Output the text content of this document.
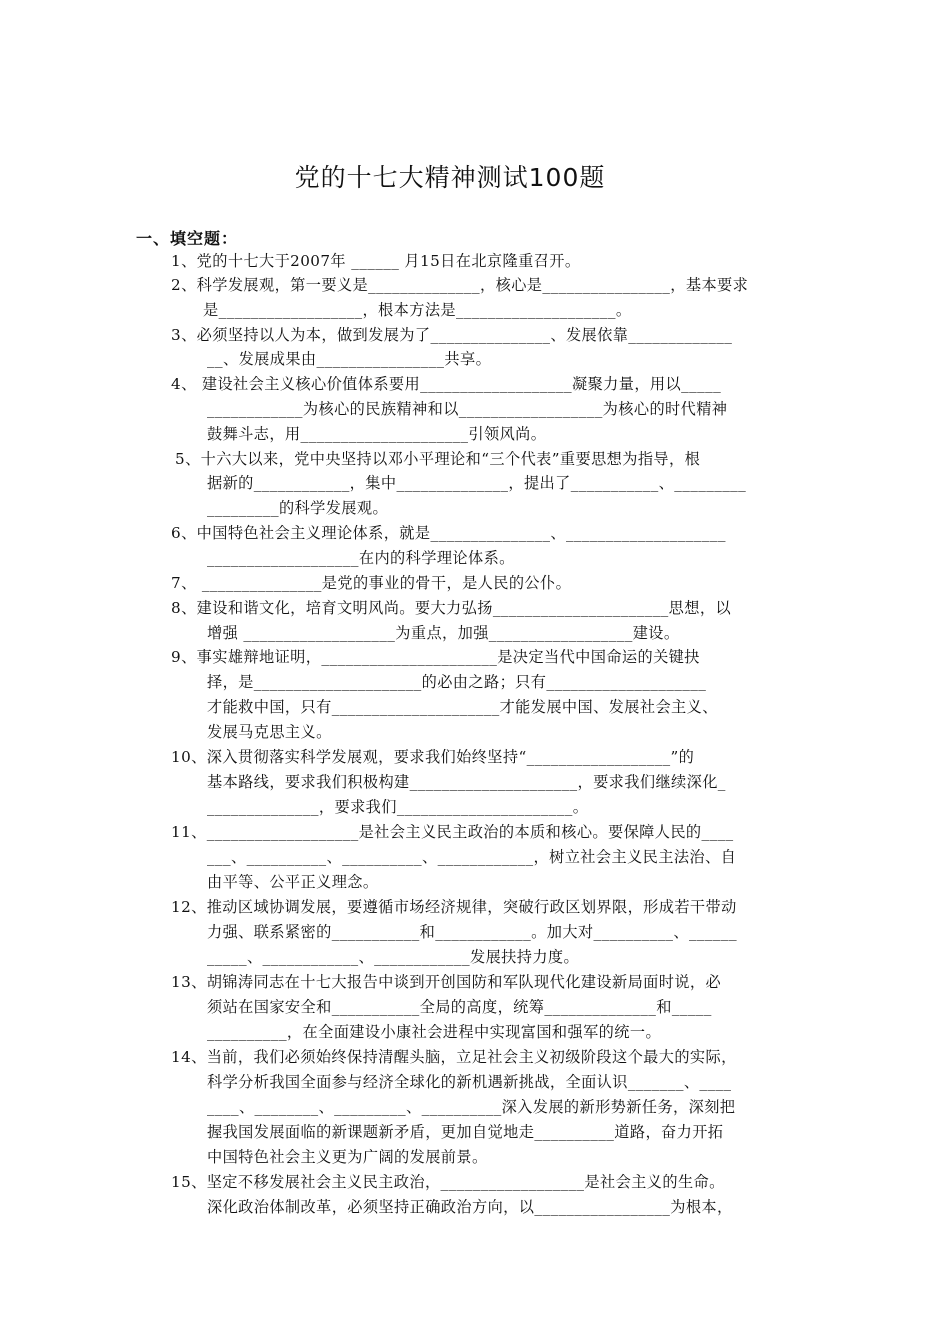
党的十七大精神测试100题
一、填空题：
1、党的十七大于2007年 ______ 月15日在北京隆重召开。
2、科学发展观，第一要义是______________，核心是________________，基本要求
是__________________，根本方法是____________________。
3、必须坚持以人为本，做到发展为了_______________、发展依靠_____________
__、发展成果由________________共享。
4、 建设社会主义核心价值体系要用___________________凝聚力量，用以_____
____________为核心的民族精神和以__________________为核心的时代精神
鼓舞斗志，用_____________________引领风尚。
5、十六大以来，党中央坚持以邓小平理论和“三个代表”重要思想为指导，根
据新的____________，集中______________，提出了___________、_________
_________的科学发展观。
6、中国特色社会主义理论体系，就是_______________、____________________
___________________在内的科学理论体系。
7、 _______________是党的事业的骨干，是人民的公仆。
8、建设和谐文化，培育文明风尚。要大力弘扬______________________思想，以
增强 ___________________为重点，加强__________________建设。
9、事实雄辩地证明，______________________是决定当代中国命运的关键抉
择，是_____________________的必由之路；只有____________________
才能救中国，只有_____________________才能发展中国、发展社会主义、
发展马克思主义。
10、深入贯彻落实科学发展观，要求我们始终坚持“__________________”的
基本路线，要求我们积极构建_____________________，要求我们继续深化_
______________，要求我们______________________。
11、___________________是社会主义民主政治的本质和核心。要保障人民的____
___、__________、__________、____________，树立社会主义民主法治、自
由平等、公平正义理念。
12、推动区域协调发展，要遵循市场经济规律，突破行政区划界限，形成若干带动
力强、联系紧密的___________和____________。加大对__________、______
_____、____________、____________发展扶持力度。
13、胡锦涛同志在十七大报告中谈到开创国防和军队现代化建设新局面时说，必
须站在国家安全和___________全局的高度，统筹______________和_____
__________，在全面建设小康社会进程中实现富国和强军的统一。
14、当前，我们必须始终保持清醒头脑，立足社会主义初级阶段这个最大的实际，
科学分析我国全面参与经济全球化的新机遇新挑战，全面认识_______、____
____、________、_________、__________深入发展的新形势新任务，深刻把
握我国发展面临的新课题新矛盾，更加自觉地走__________道路，奋力开拓
中国特色社会主义更为广阔的发展前景。
15、坚定不移发展社会主义民主政治，__________________是社会主义的生命。
深化政治体制改革，必须坚持正确政治方向，以_________________为根本，
